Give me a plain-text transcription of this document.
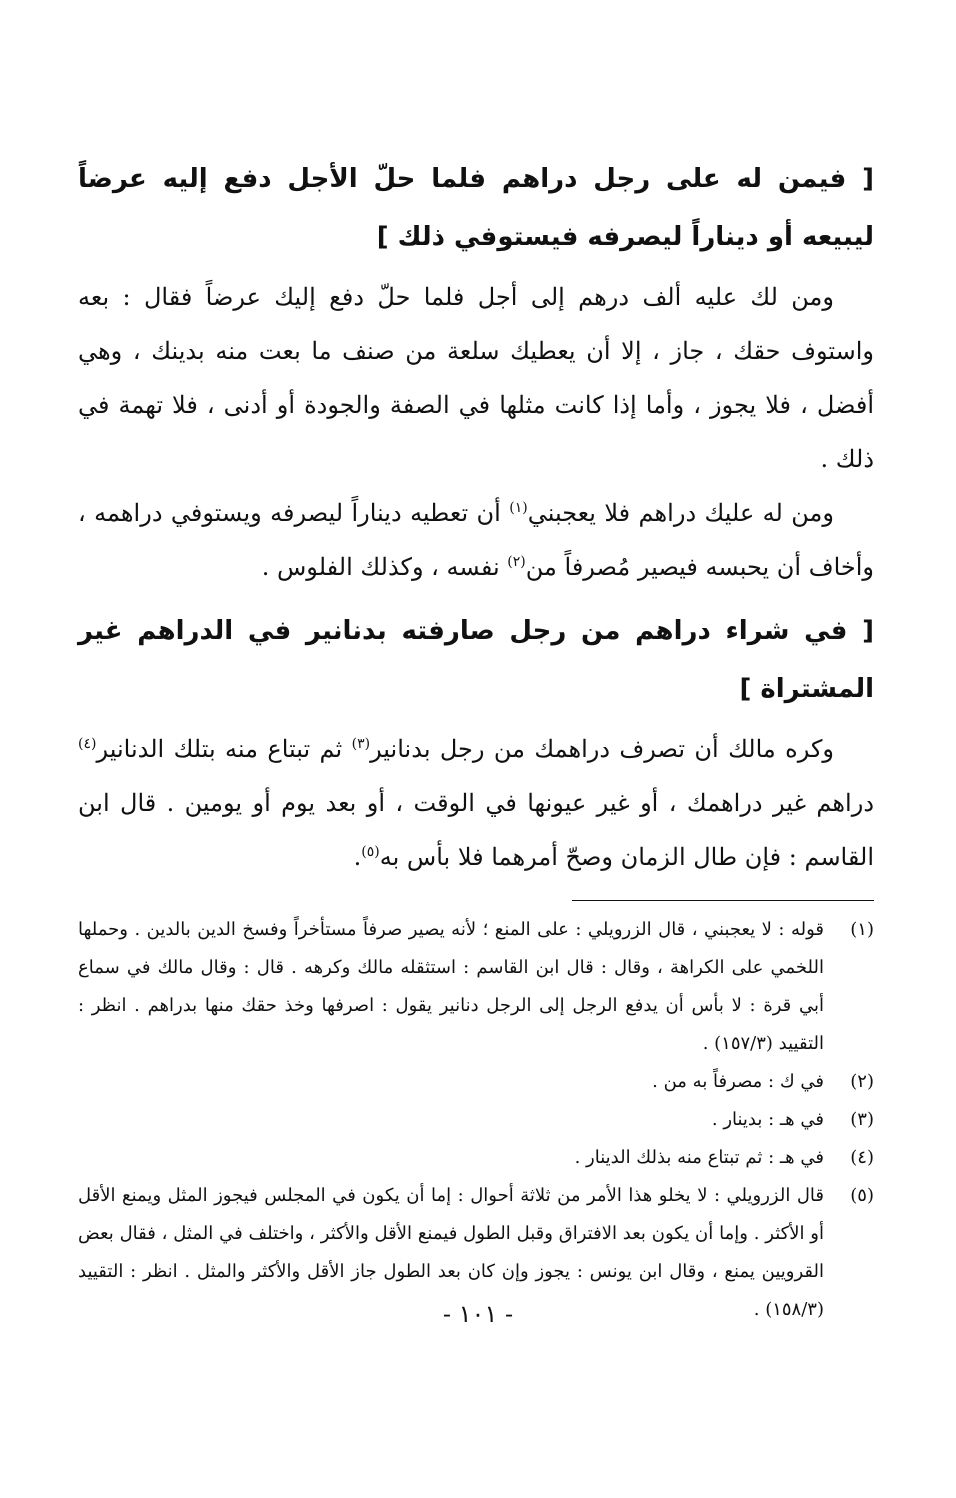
[ فيمن له على رجل دراهم فلما حلّ الأجل دفع إليه عرضاً ليبيعه أو ديناراً ليصرفه فيستوفي ذلك ]

ومن لك عليه ألف درهم إلى أجل فلما حلّ دفع إليك عرضاً فقال : بعه واستوف حقك ، جاز ، إلا أن يعطيك سلعة من صنف ما بعت منه بدينك ، وهي أفضل ، فلا يجوز ، وأما إذا كانت مثلها في الصفة والجودة أو أدنى ، فلا تهمة في ذلك .

ومن له عليك دراهم فلا يعجبني$^{(١)}$ أن تعطيه ديناراً ليصرفه ويستوفي دراهمه ، وأخاف أن يحبسه فيصير مُصرفاً من$^{(٢)}$ نفسه ، وكذلك الفلوس .

[ في شراء دراهم من رجل صارفته بدنانير في الدراهم غير المشتراة ]

وكره مالك أن تصرف دراهمك من رجل بدنانير$^{(٣)}$ ثم تبتاع منه بتلك الدنانير$^{(٤)}$ دراهم غير دراهمك ، أو غير عيونها في الوقت ، أو بعد يوم أو يومين . قال ابن القاسم : فإن طال الزمان وصحّ أمرهما فلا بأس به$^{(٥)}$.

(١)
قوله : لا يعجبني ، قال الزرويلي : على المنع ؛ لأنه يصير صرفاً مستأخراً وفسخ الدين بالدين . وحملها اللخمي على الكراهة ، وقال : قال ابن القاسم : استثقله مالك وكرهه . قال : وقال مالك في سماع أبي قرة : لا بأس أن يدفع الرجل إلى الرجل دنانير يقول : اصرفها وخذ حقك منها بدراهم . انظر : التقييد (١٥٧/٣) .
(٢)
في ك : مصرفاً به من .
(٣)
في هـ : بدينار .
(٤)
في هـ : ثم تبتاع منه بذلك الدينار .
(٥)
قال الزرويلي : لا يخلو هذا الأمر من ثلاثة أحوال : إما أن يكون في المجلس فيجوز المثل ويمنع الأقل أو الأكثر . وإما أن يكون بعد الافتراق وقبل الطول فيمنع الأقل والأكثر ، واختلف في المثل ، فقال بعض القرويين يمنع ، وقال ابن يونس : يجوز وإن كان بعد الطول جاز الأقل والأكثر والمثل . انظر : التقييد (١٥٨/٣) .
- ١٠١ -
